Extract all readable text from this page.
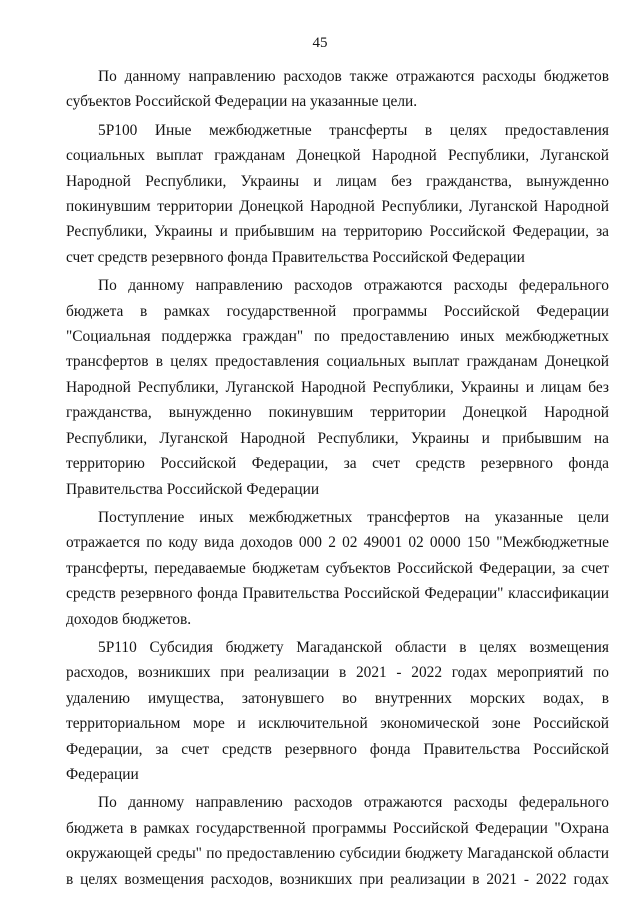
45

По данному направлению расходов также отражаются расходы бюджетов субъектов Российской Федерации на указанные цели.

5Р100 Иные межбюджетные трансферты в целях предоставления социальных выплат гражданам Донецкой Народной Республики, Луганской Народной Республики, Украины и лицам без гражданства, вынужденно покинувшим территории Донецкой Народной Республики, Луганской Народной Республики, Украины и прибывшим на территорию Российской Федерации, за счет средств резервного фонда Правительства Российской Федерации

По данному направлению расходов отражаются расходы федерального бюджета в рамках государственной программы Российской Федерации "Социальная поддержка граждан" по предоставлению иных межбюджетных трансфертов в целях предоставления социальных выплат гражданам Донецкой Народной Республики, Луганской Народной Республики, Украины и лицам без гражданства, вынужденно покинувшим территории Донецкой Народной Республики, Луганской Народной Республики, Украины и прибывшим на территорию Российской Федерации, за счет средств резервного фонда Правительства Российской Федерации

Поступление иных межбюджетных трансфертов на указанные цели отражается по коду вида доходов 000 2 02 49001 02 0000 150 "Межбюджетные трансферты, передаваемые бюджетам субъектов Российской Федерации, за счет средств резервного фонда Правительства Российской Федерации" классификации доходов бюджетов.

5Р110 Субсидия бюджету Магаданской области в целях возмещения расходов, возникших при реализации в 2021 - 2022 годах мероприятий по удалению имущества, затонувшего во внутренних морских водах, в территориальном море и исключительной экономической зоне Российской Федерации, за счет средств резервного фонда Правительства Российской Федерации

По данному направлению расходов отражаются расходы федерального бюджета в рамках государственной программы Российской Федерации "Охрана окружающей среды" по предоставлению субсидии бюджету Магаданской области в целях возмещения расходов, возникших при реализации в 2021 - 2022 годах
